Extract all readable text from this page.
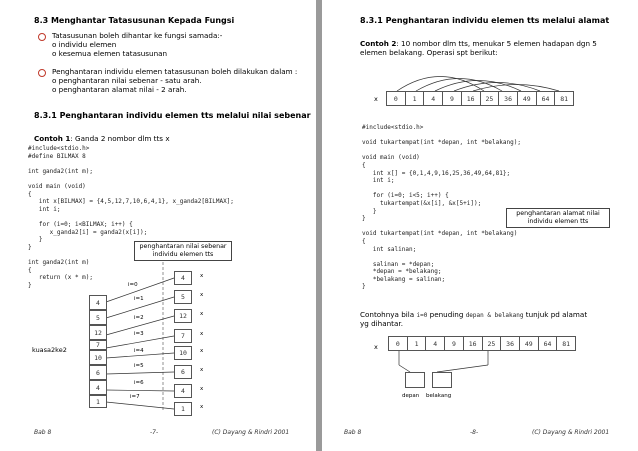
8.3 Menghantar Tatasusunan Kepada Fungsi
Tatasusunan boleh dihantar ke fungsi samada:-
o individu elemen
o kesemua elemen tatasusunan
Penghantaran individu elemen tatasusunan boleh dilakukan dalam :
o penghantaran nilai sebenar - satu arah.
o penghantaran alamat nilai - 2 arah.
8.3.1 Penghantaran individu elemen tts melalui nilai sebenar
Contoh 1: Ganda 2 nombor dlm tts x
#include<stdio.h>
#define BILMAX 8

int ganda2(int m);

void main (void)
{
int x[BILMAX] = {4,5,12,7,10,6,4,1}, x_ganda2[BILMAX];
int i;

for (i=0; i<BILMAX; i++) {
x_ganda2[i] = ganda2(x[i]);
}
}

int ganda2(int m)
{
return (x * m);
}
penghantaran nilai sebenar
individu elemen tts
kuasa2ke2
4
5
12
7
10
6
4
1
i=0
i=1
i=2
i=3
i=4
i=5
i=6
i=7
4
5
12
7
10
6
4
1
x
x
x
x
x
x
x
x
Bab 8	-7-	(C) Dayang & Rindri 2001
8.3.1 Penghantaran individu elemen tts melalui alamat
Contoh 2: 10 nombor dlm tts, menukar 5 elemen hadapan dgn 5
elemen belakang. Operasi spt berikut:
x	0	1	4	9	16	25	36	49	64	81
#include<stdio.h>

void tukartempat(int *depan, int *belakang);

void main (void)
{
int x[] = {0,1,4,9,16,25,36,49,64,81};
int i;

for (i=0; i<5; i++) {
tukartempat(&x[i], &x[5+i]);
}
}

void tukartempat(int *depan, int *belakang)
{
int salinan;

salinan = *depan;
*depan = *belakang;
*belakang = salinan;
}
penghantaran alamat nilai
individu elemen tts
Contohnya bila i=0 penuding depan & belakang tunjuk pd alamat
yg dihantar.
x	0	1	4	9	16	25	36	49	64	81
depan belakang
Bab 8	-8-	(C) Dayang & Rindri 2001
